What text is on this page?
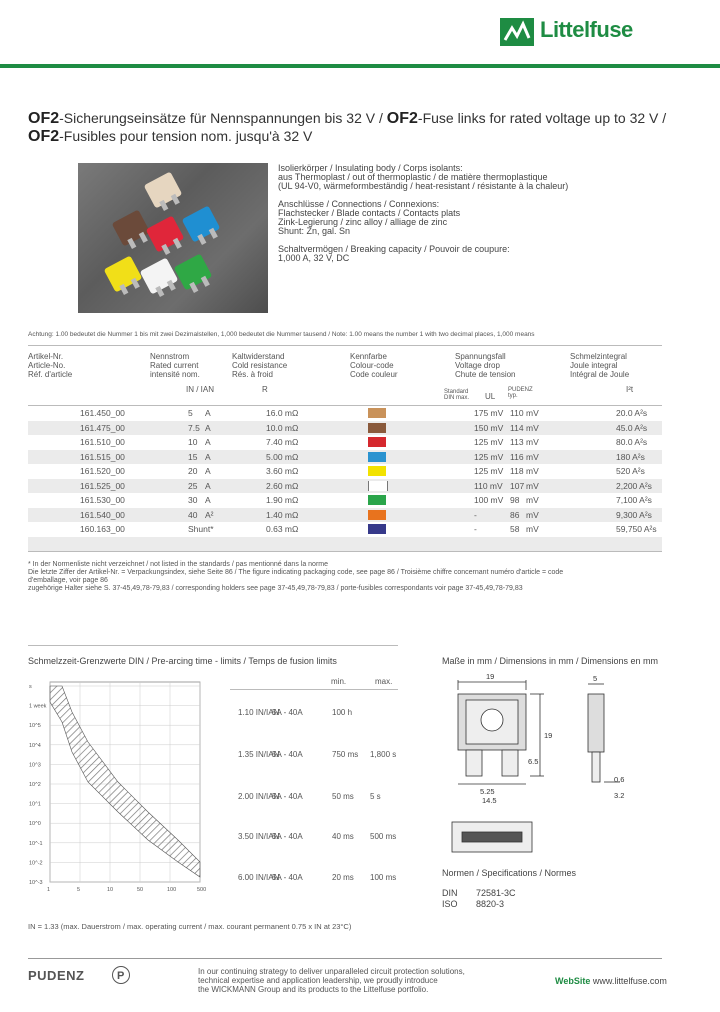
Littelfuse
OF2-Sicherungseinsätze für Nennspannungen bis 32 V / OF2-Fuse links for rated voltage up to 32 V /
OF2-Fusibles pour tension nom. jusqu'à 32 V
Isolierkörper / Insulating body / Corps isolants:
aus Thermoplast / out of thermoplastic / de matière thermoplastique
(UL 94-V0, wärmeformbeständig / heat-resistant / résistante à la chaleur)
Anschlüsse / Connections / Connexions:
Flachstecker / Blade contacts / Contacts plats
Zink-Legierung / zinc alloy / alliage de zinc
Shunt: Zn, gal. Sn
Schaltvermögen / Breaking capacity / Pouvoir de coupure:
1,000 A, 32 V, DC
Achtung: 1.00 bedeutet die Nummer 1 bis mit zwei Dezimalstellen, 1,000 bedeutet die Nummer tausend / Note: 1.00 means the number 1 with two decimal places, 1,000 means
Artikel-Nr.
Article-No.
Réf. d'article
Nennstrom
Rated current
intensité nom.
IN / IAN
Kaltwiderstand
Cold resistance
Rés. à froid
R
Kennfarbe
Colour-code
Code couleur
Spannungsfall
Voltage drop
Chute de tension
Standard
DIN max. UL
PUDENZ
typ.
Schmelzintegral
Joule integral
Intégral de Joule
I²t
161.450_00	5 A	16.0 mΩ	175 mV 110 mV	20.0 A²s
161.475_00	7.5 A	10.0 mΩ	150 mV 114 mV	45.0 A²s
161.510_00	10 A	7.40 mΩ	125 mV 113 mV	80.0 A²s
161.515_00	15 A	5.00 mΩ	125 mV 116 mV	180 A²s
161.520_00	20 A	3.60 mΩ	125 mV 118 mV	520 A²s
161.525_00	25 A	2.60 mΩ	110 mV 107 mV	2,200 A²s
161.530_00	30 A	1.90 mΩ	100 mV 98 mV	7,100 A²s
161.540_00	40 A²	1.40 mΩ	-	86 mV	9,300 A²s
160.163_00	Shunt*	0.63 mΩ	-	58 mV	59,750 A²s
* In der Normenliste nicht verzeichnet / not listed in the standards / pas mentionné dans la norme
Die letzte Ziffer der Artikel-Nr. = Verpackungsindex, siehe Seite 86 / The figure indicating packaging code, see page 86 / Troisième chiffre concernant numéro d'article = code
d'emballage, voir page 86
zugehörige Halter siehe S. 37-45,49,78-79,83 / corresponding holders see page 37-45,49,78-79,83 / porte-fusibles correspondants voir page 37-45,49,78-79,83
Schmelzzeit-Grenzwerte DIN / Pre-arcing time - limits / Temps de fusion limits
s
1 week
10^5
10^4
10^3
10^2
10^1
10^0
10^-1
10^-2
10^-3
1	5	10	50	100	500
min.	max.
1.10 IN/IAN
5A - 40A	100 h
1.35 IN/IAN
5A - 40A	750 ms 1,800 s
2.00 IN/IAN
5A - 40A	50 ms 5 s
3.50 IN/IAN
5A - 40A	40 ms 500 ms
6.00 IN/IAN
5A - 40A	20 ms 100 ms
IN = 1.33 (max. Dauerstrom / max. operating current / max. courant permanent 0.75 x IN at 23°C)
Maße in mm / Dimensions in mm / Dimensions en mm
19	5
19
6.5
5.25
14.5
0.6
3.2
Normen / Specifications / Normes
DIN 72581-3C
ISO 8820-3
PUDENZ	P	In our continuing strategy to deliver unparalleled circuit protection solutions,
technical expertise and application leadership, we proudly introduce
the WICKMANN Group and its products to the Littelfuse portfolio.
WebSite www.littelfuse.com
